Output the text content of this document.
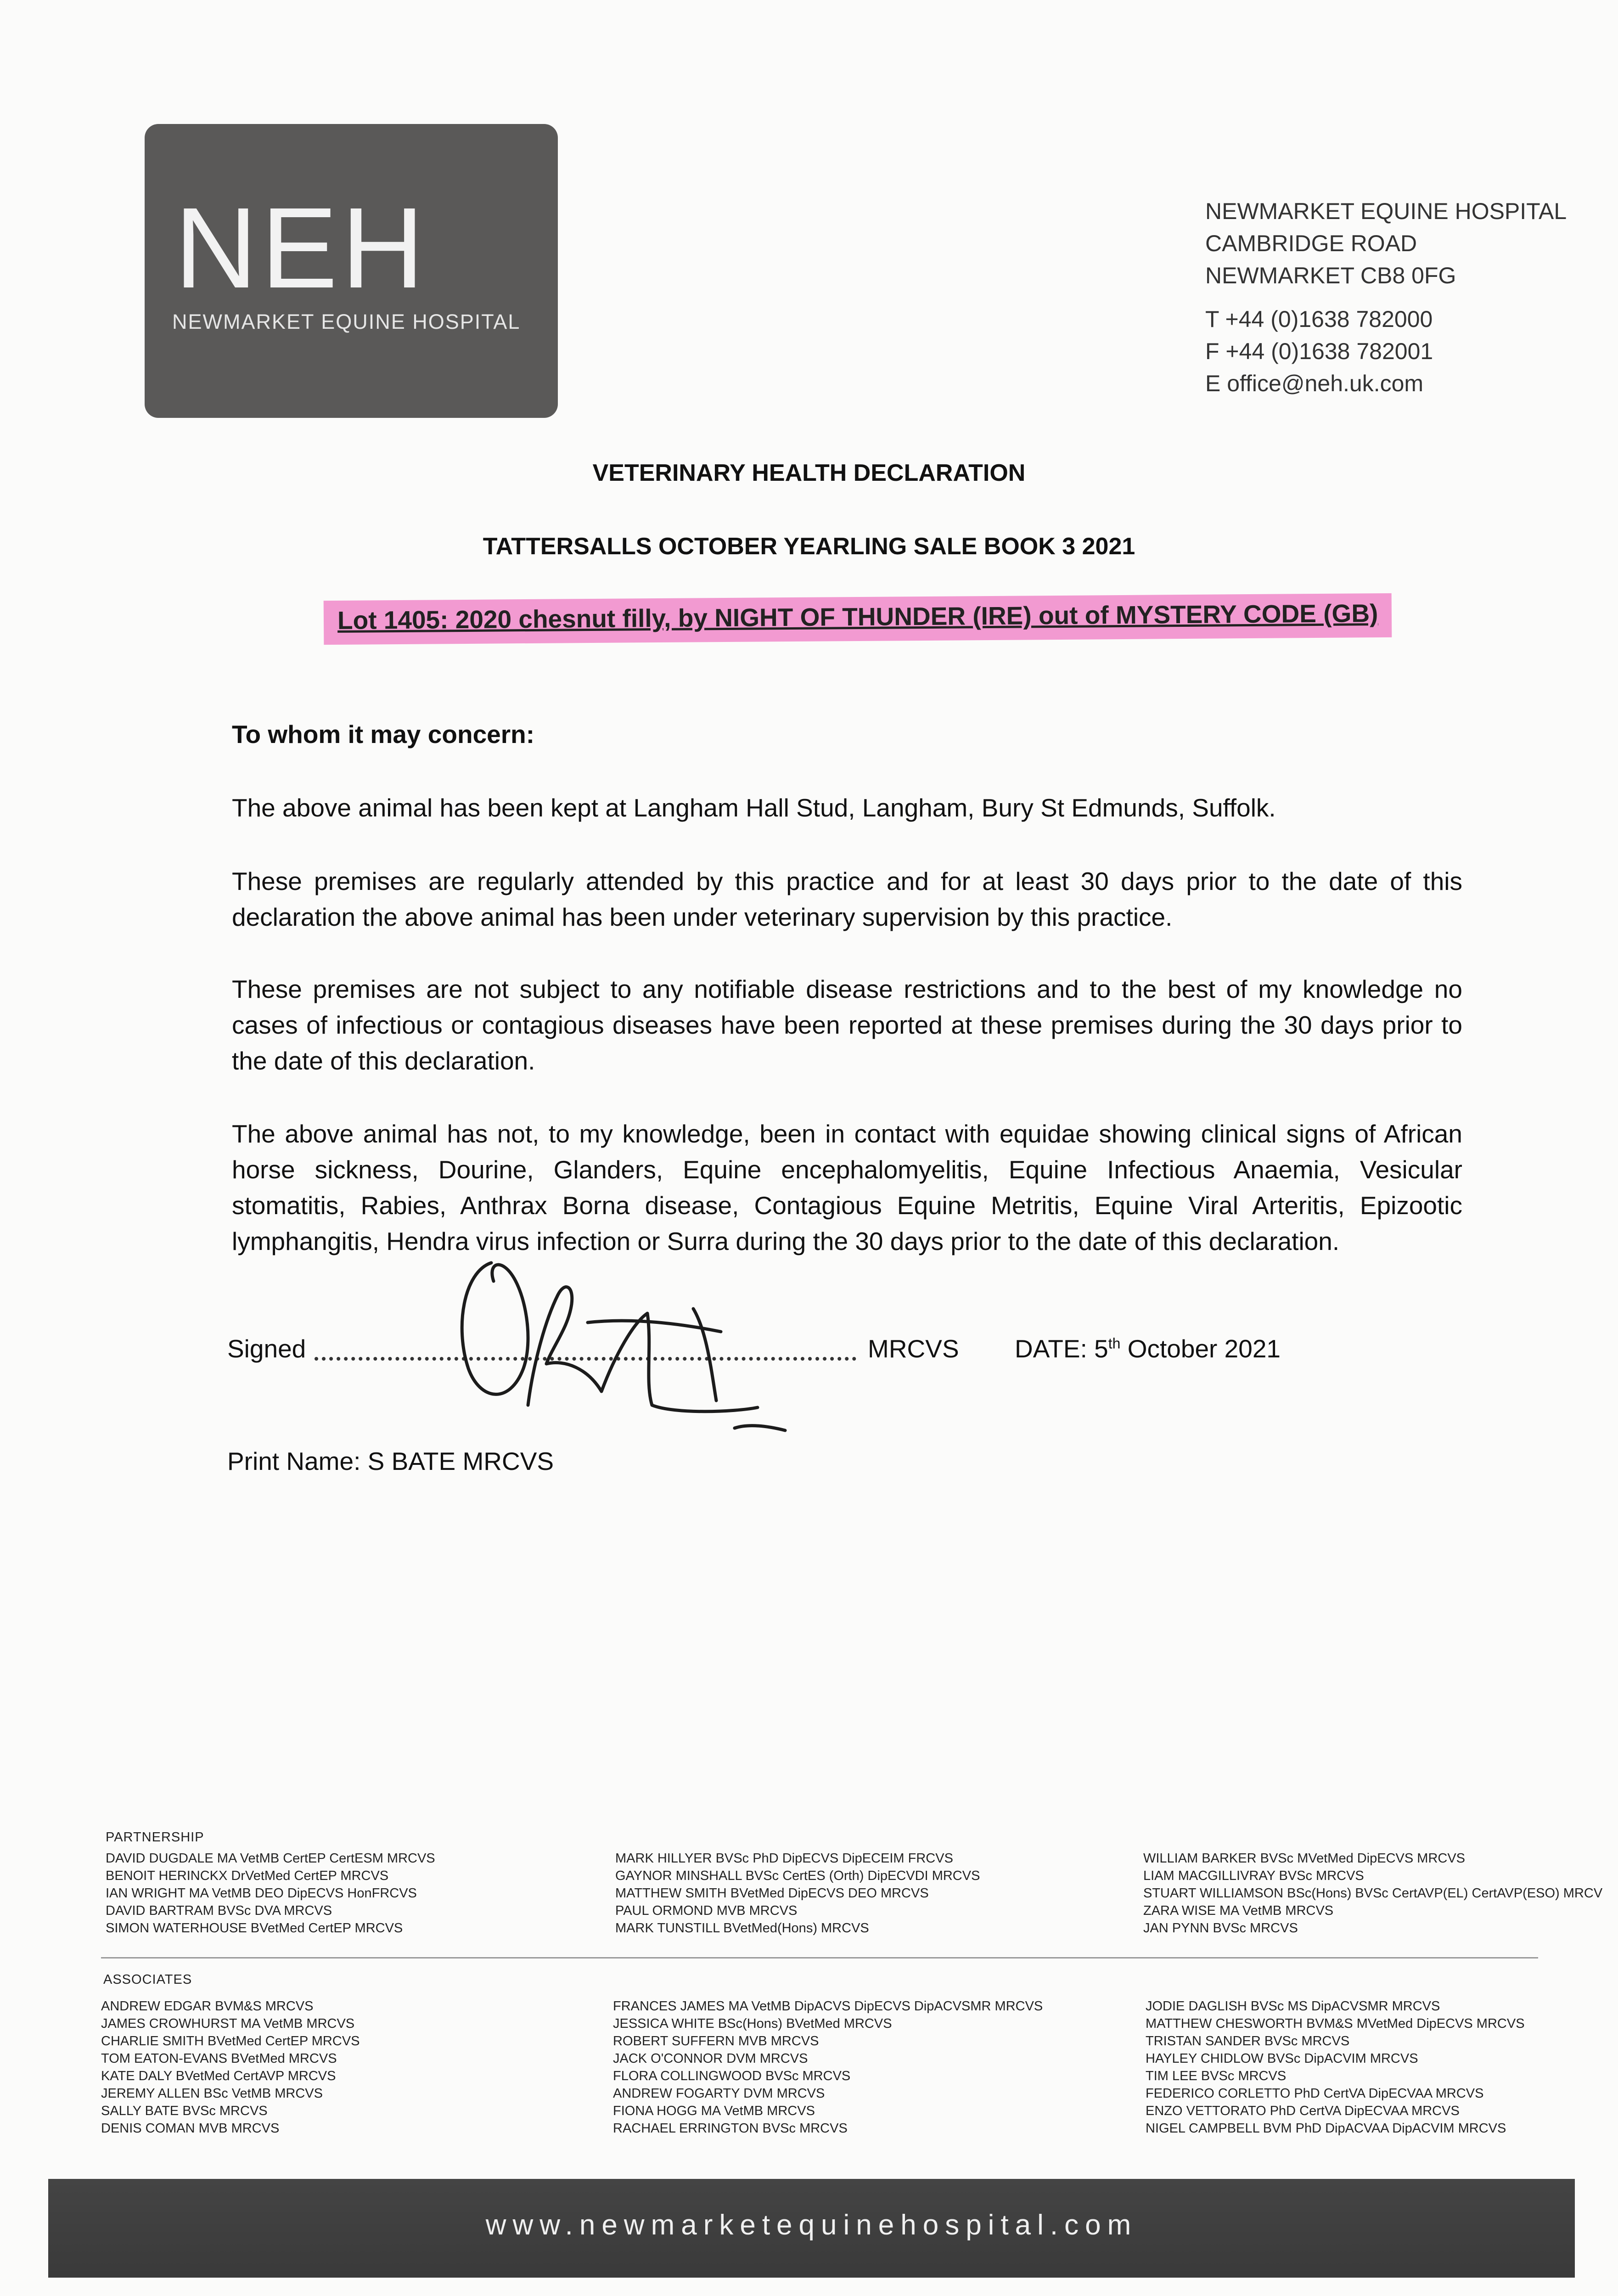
NEH
NEWMARKET EQUINE HOSPITAL
NEWMARKET EQUINE HOSPITAL
CAMBRIDGE ROAD
NEWMARKET CB8 0FG
T +44 (0)1638 782000
F +44 (0)1638 782001
E office@neh.uk.com
VETERINARY HEALTH DECLARATION
TATTERSALLS OCTOBER YEARLING SALE BOOK 3 2021
Lot 1405: 2020 chesnut filly, by NIGHT OF THUNDER (IRE) out of MYSTERY CODE (GB)
To whom it may concern:
The above animal has been kept at Langham Hall Stud, Langham, Bury St Edmunds, Suffolk.
These premises are regularly attended by this practice and for at least 30 days prior to the date of this declaration the above animal has been under veterinary supervision by this practice.
These premises are not subject to any notifiable disease restrictions and to the best of my knowledge no cases of infectious or contagious diseases have been reported at these premises during the 30 days prior to the date of this declaration.
The above animal has not, to my knowledge, been in contact with equidae showing clinical signs of African horse sickness, Dourine, Glanders, Equine encephalomyelitis, Equine Infectious Anaemia, Vesicular stomatitis, Rabies, Anthrax Borna disease, Contagious Equine Metritis, Equine Viral Arteritis, Epizootic lymphangitis, Hendra virus infection or Surra during the 30 days prior to the date of this declaration.
Signed	MRCVS DATE: 5th October 2021
Print Name: S BATE MRCVS
PARTNERSHIP
DAVID DUGDALE MA VetMB CertEP CertESM MRCVS
BENOIT HERINCKX DrVetMed CertEP MRCVS
IAN WRIGHT MA VetMB DEO DipECVS HonFRCVS
DAVID BARTRAM BVSc DVA MRCVS
SIMON WATERHOUSE BVetMed CertEP MRCVS
MARK HILLYER BVSc PhD DipECVS DipECEIM FRCVS
GAYNOR MINSHALL BVSc CertES (Orth) DipECVDI MRCVS
MATTHEW SMITH BVetMed DipECVS DEO MRCVS
PAUL ORMOND MVB MRCVS
MARK TUNSTILL BVetMed(Hons) MRCVS
WILLIAM BARKER BVSc MVetMed DipECVS MRCVS
LIAM MACGILLIVRAY BVSc MRCVS
STUART WILLIAMSON BSc(Hons) BVSc CertAVP(EL) CertAVP(ESO) MRCV
ZARA WISE MA VetMB MRCVS
JAN PYNN BVSc MRCVS
ASSOCIATES
ANDREW EDGAR BVM&S MRCVS
JAMES CROWHURST MA VetMB MRCVS
CHARLIE SMITH BVetMed CertEP MRCVS
TOM EATON-EVANS BVetMed MRCVS
KATE DALY BVetMed CertAVP MRCVS
JEREMY ALLEN BSc VetMB MRCVS
SALLY BATE BVSc MRCVS
DENIS COMAN MVB MRCVS
FRANCES JAMES MA VetMB DipACVS DipECVS DipACVSMR MRCVS
JESSICA WHITE BSc(Hons) BVetMed MRCVS
ROBERT SUFFERN MVB MRCVS
JACK O'CONNOR DVM MRCVS
FLORA COLLINGWOOD BVSc MRCVS
ANDREW FOGARTY DVM MRCVS
FIONA HOGG MA VetMB MRCVS
RACHAEL ERRINGTON BVSc MRCVS
JODIE DAGLISH BVSc MS DipACVSMR MRCVS
MATTHEW CHESWORTH BVM&S MVetMed DipECVS MRCVS
TRISTAN SANDER BVSc MRCVS
HAYLEY CHIDLOW BVSc DipACVIM MRCVS
TIM LEE BVSc MRCVS
FEDERICO CORLETTO PhD CertVA DipECVAA MRCVS
ENZO VETTORATO PhD CertVA DipECVAA MRCVS
NIGEL CAMPBELL BVM PhD DipACVAA DipACVIM MRCVS
www.newmarketequinehospital.com
